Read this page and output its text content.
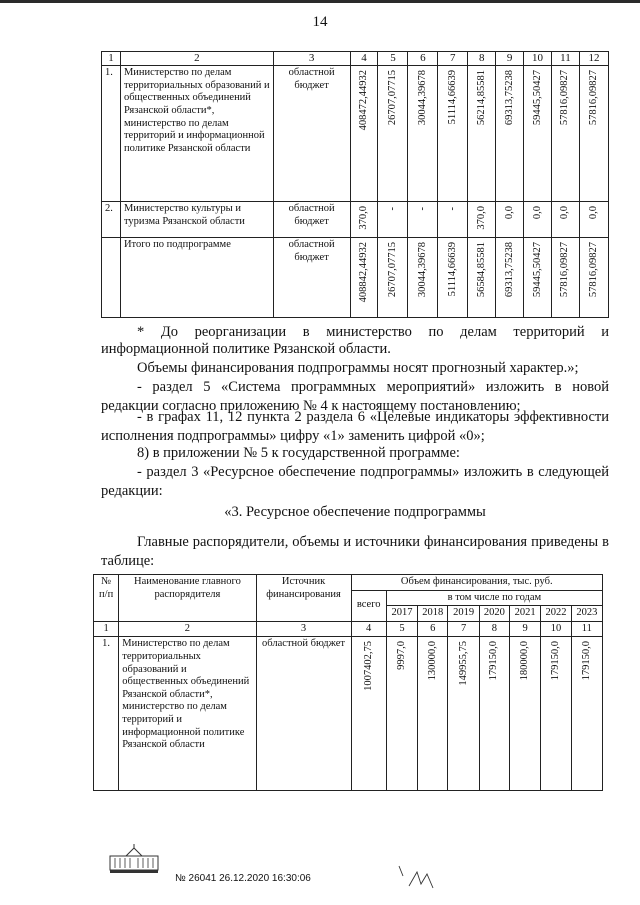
14
1	2	3	4	5	6	7	8	9	10	11	12
1.	Министерство по делам территориальных образований и общественных объединений Рязанской области*, министерство по делам территорий и информационной политике Рязанской области	областной бюджет	408472,44932	26707,07715	30044,39678	51114,66639	56214,85581	69313,75238	59445,50427	57816,09827	57816,09827
2.	Министерство культуры и туризма Рязанской области	областной бюджет	370,0	-	-	-	370,0	0,0	0,0	0,0	0,0
	Итого по подпрограмме	областной бюджет	408842,44932	26707,07715	30044,39678	51114,66639	56584,85581	69313,75238	59445,50427	57816,09827	57816,09827

* До реорганизации в министерство по делам территорий и информационной политике Рязанской области.

Объемы финансирования подпрограммы носят прогнозный характер.»;

- раздел 5 «Система программных мероприятий» изложить в новой редакции согласно приложению № 4 к настоящему постановлению;

- в графах 11, 12 пункта 2 раздела 6 «Целевые индикаторы эффективности исполнения подпрограммы» цифру «1» заменить цифрой «0»;

8) в приложении № 5 к государственной программе:

- раздел 3 «Ресурсное обеспечение подпрограммы» изложить в следующей редакции:

«3. Ресурсное обеспечение подпрограммы

Главные распорядители, объемы и источники финансирования приведены в таблице:

№ п/п	Наименование главного распорядителя	Источник финансирования	Объем финансирования, тыс. руб.							
			всего	в том числе по годам						
				2017	2018	2019	2020	2021	2022	2023
1	2	3	4	5	6	7	8	9	10	11
1.	Министерство по делам территориальных образований и общественных объединений Рязанской области*, министерство по делам территорий и информационной политике Рязанской области	областной бюджет	1007402,75	9997,0	130000,0	149955,75	179150,0	180000,0	179150,0	179150,0
№ 26041 26.12.2020 16:30:06
